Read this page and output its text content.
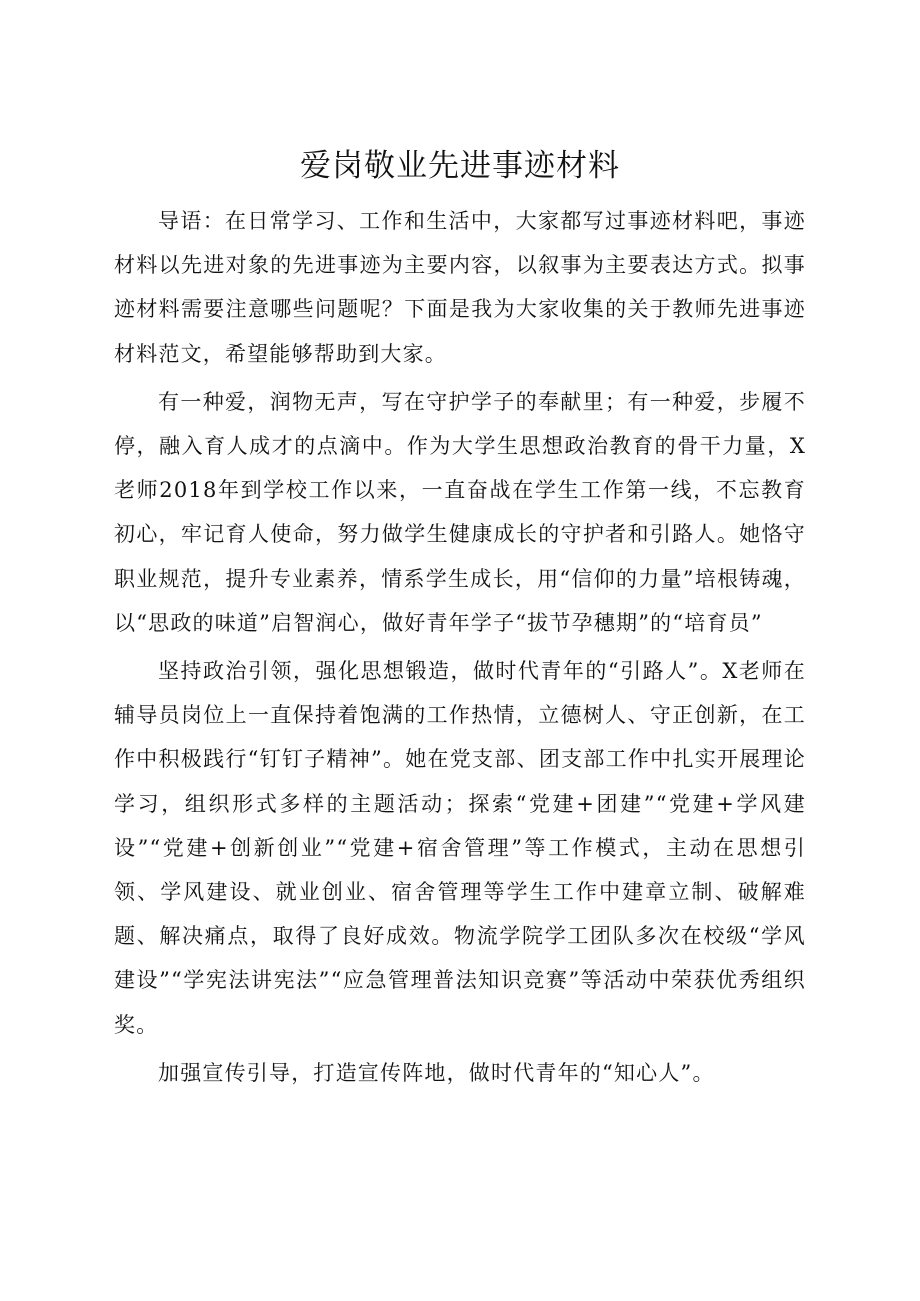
爱岗敬业先进事迹材料

导语：在日常学习、工作和生活中，大家都写过事迹材料吧，事迹材料以先进对象的先进事迹为主要内容，以叙事为主要表达方式。拟事迹材料需要注意哪些问题呢？下面是我为大家收集的关于教师先进事迹材料范文，希望能够帮助到大家。

有一种爱，润物无声，写在守护学子的奉献里；有一种爱，步履不停，融入育人成才的点滴中。作为大学生思想政治教育的骨干力量，X老师2018年到学校工作以来，一直奋战在学生工作第一线，不忘教育初心，牢记育人使命，努力做学生健康成长的守护者和引路人。她恪守职业规范，提升专业素养，情系学生成长，用“信仰的力量”培根铸魂，以“思政的味道”启智润心，做好青年学子“拔节孕穗期”的“培育员”

坚持政治引领，强化思想锻造，做时代青年的“引路人”。X老师在辅导员岗位上一直保持着饱满的工作热情，立德树人、守正创新，在工作中积极践行“钉钉子精神”。她在党支部、团支部工作中扎实开展理论学习，组织形式多样的主题活动；探索“党建+团建”“党建+学风建设”“党建+创新创业”“党建+宿舍管理”等工作模式，主动在思想引领、学风建设、就业创业、宿舍管理等学生工作中建章立制、破解难题、解决痛点，取得了良好成效。物流学院学工团队多次在校级“学风建设”“学宪法讲宪法”“应急管理普法知识竞赛”等活动中荣获优秀组织奖。

加强宣传引导，打造宣传阵地，做时代青年的“知心人”。
